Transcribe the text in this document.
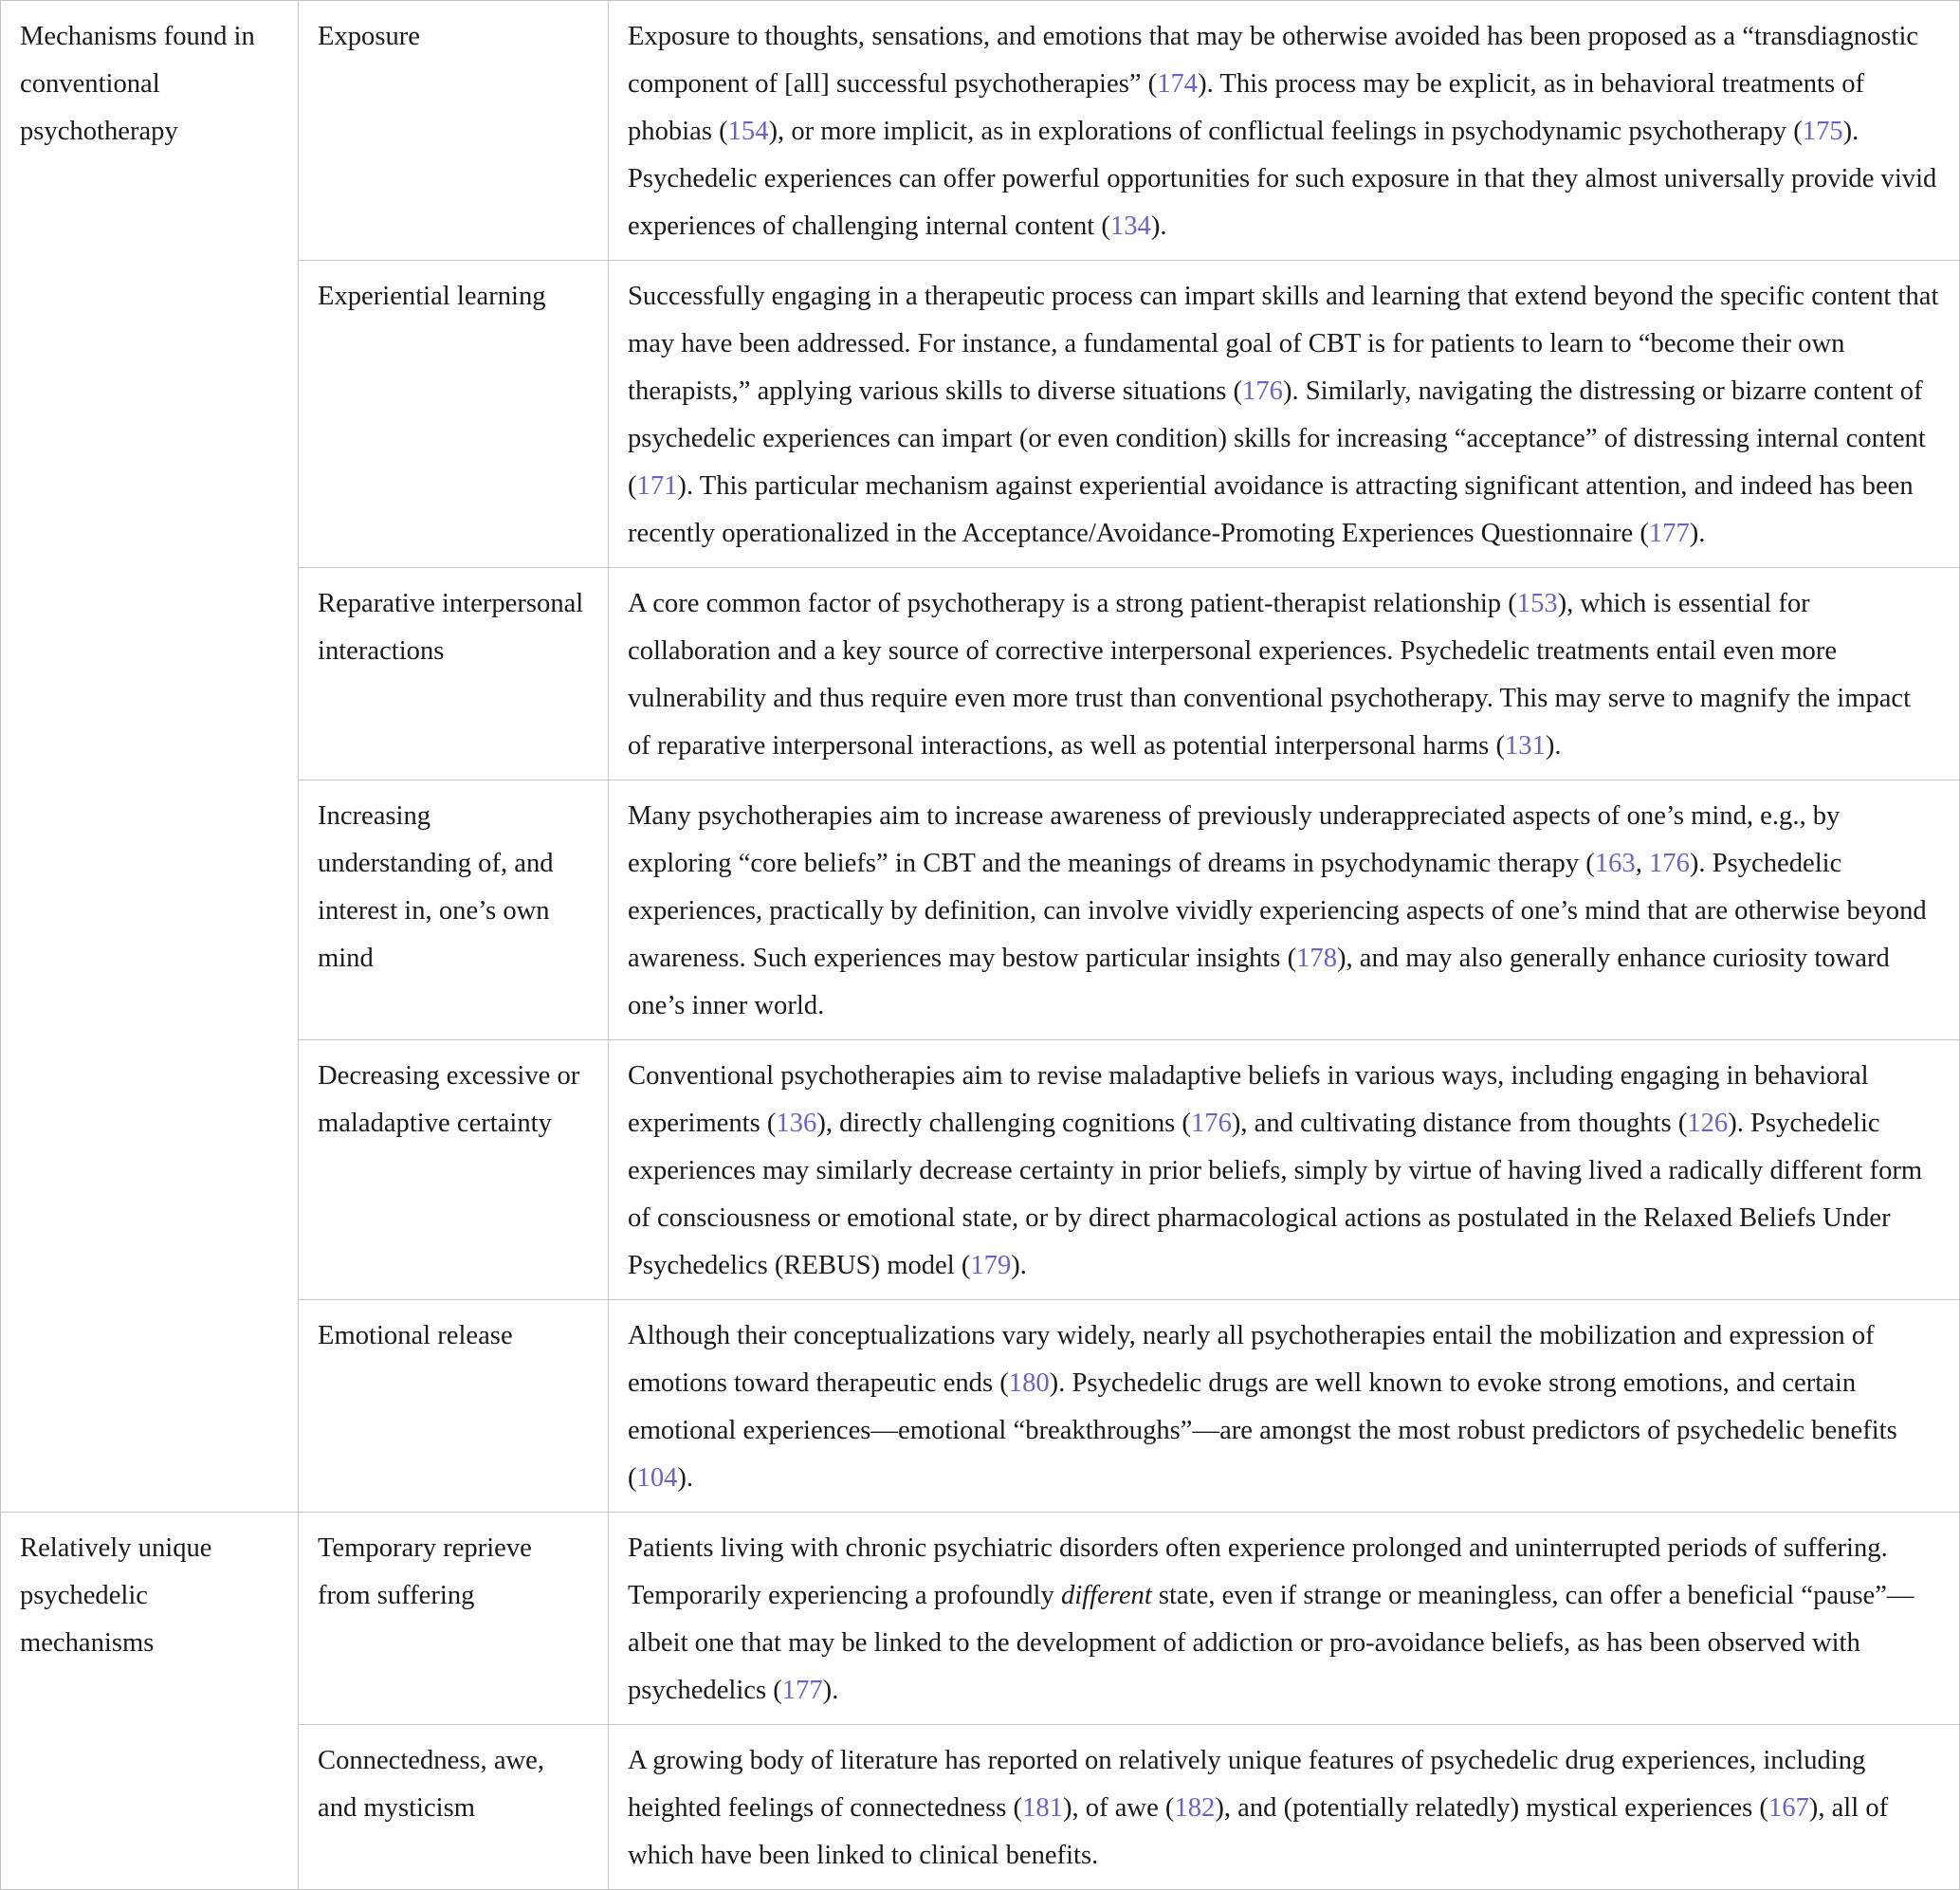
Mechanisms found in conventional psychotherapy	Exposure	Exposure to thoughts, sensations, and emotions that may be otherwise avoided has been proposed as a “transdiagnostic component of [all] successful psychotherapies” (174). This process may be explicit, as in behavioral treatments of phobias (154), or more implicit, as in explorations of conflictual feelings in psychodynamic psychotherapy (175). Psychedelic experiences can offer powerful opportunities for such exposure in that they almost universally provide vivid experiences of challenging internal content (134).
	Experiential learning	Successfully engaging in a therapeutic process can impart skills and learning that extend beyond the specific content that may have been addressed. For instance, a fundamental goal of CBT is for patients to learn to “become their own therapists,” applying various skills to diverse situations (176). Similarly, navigating the distressing or bizarre content of psychedelic experiences can impart (or even condition) skills for increasing “acceptance” of distressing internal content (171). This particular mechanism against experiential avoidance is attracting significant attention, and indeed has been recently operationalized in the Acceptance/Avoidance-Promoting Experiences Questionnaire (177).
	Reparative interpersonal interactions	A core common factor of psychotherapy is a strong patient-therapist relationship (153), which is essential for collaboration and a key source of corrective interpersonal experiences. Psychedelic treatments entail even more vulnerability and thus require even more trust than conventional psychotherapy. This may serve to magnify the impact of reparative interpersonal interactions, as well as potential interpersonal harms (131).
	Increasing understanding of, and interest in, one’s own mind	Many psychotherapies aim to increase awareness of previously underappreciated aspects of one’s mind, e.g., by exploring “core beliefs” in CBT and the meanings of dreams in psychodynamic therapy (163, 176). Psychedelic experiences, practically by definition, can involve vividly experiencing aspects of one’s mind that are otherwise beyond awareness. Such experiences may bestow particular insights (178), and may also generally enhance curiosity toward one’s inner world.
	Decreasing excessive or maladaptive certainty	Conventional psychotherapies aim to revise maladaptive beliefs in various ways, including engaging in behavioral experiments (136), directly challenging cognitions (176), and cultivating distance from thoughts (126). Psychedelic experiences may similarly decrease certainty in prior beliefs, simply by virtue of having lived a radically different form of consciousness or emotional state, or by direct pharmacological actions as postulated in the Relaxed Beliefs Under Psychedelics (REBUS) model (179).
	Emotional release	Although their conceptualizations vary widely, nearly all psychotherapies entail the mobilization and expression of emotions toward therapeutic ends (180). Psychedelic drugs are well known to evoke strong emotions, and certain emotional experiences—emotional “breakthroughs”—are amongst the most robust predictors of psychedelic benefits (104).
Relatively unique psychedelic mechanisms	Temporary reprieve from suffering	Patients living with chronic psychiatric disorders often experience prolonged and uninterrupted periods of suffering. Temporarily experiencing a profoundly different state, even if strange or meaningless, can offer a beneficial “pause”—albeit one that may be linked to the development of addiction or pro-avoidance beliefs, as has been observed with psychedelics (177).
	Connectedness, awe, and mysticism	A growing body of literature has reported on relatively unique features of psychedelic drug experiences, including heighted feelings of connectedness (181), of awe (182), and (potentially relatedly) mystical experiences (167), all of which have been linked to clinical benefits.
